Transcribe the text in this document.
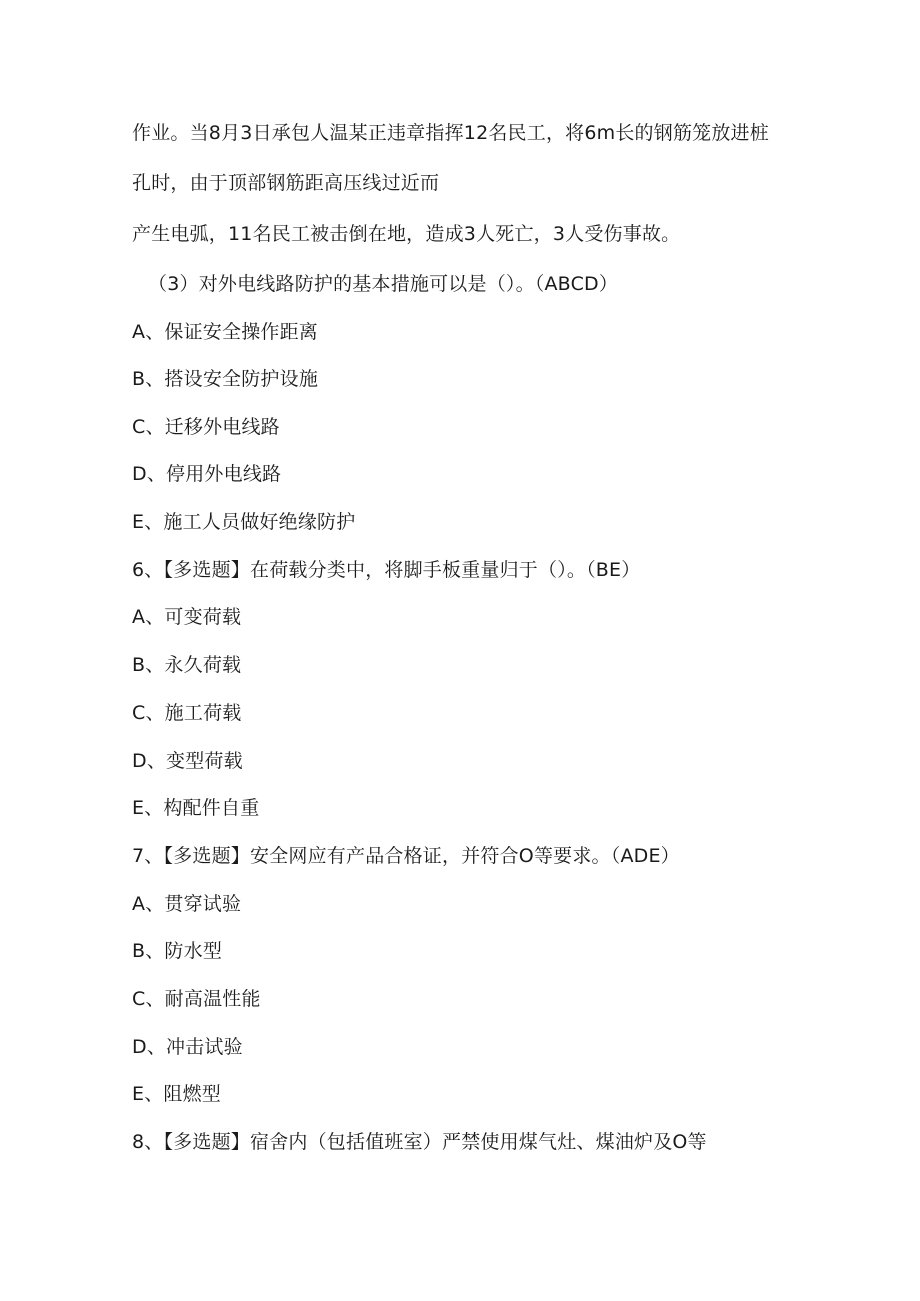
作业。当8月3日承包人温某正违章指挥12名民工，将6m长的钢筋笼放进桩
孔时，由于顶部钢筋距高压线过近而
产生电弧，11名民工被击倒在地，造成3人死亡，3人受伤事故。
（3）对外电线路防护的基本措施可以是（）。（ABCD）
A、保证安全操作距离
B、搭设安全防护设施
C、迁移外电线路
D、停用外电线路
E、施工人员做好绝缘防护
6、【多选题】在荷载分类中，将脚手板重量归于（）。（BE）
A、可变荷载
B、永久荷载
C、施工荷载
D、变型荷载
E、构配件自重
7、【多选题】安全网应有产品合格证，并符合O等要求。（ADE）
A、贯穿试验
B、防水型
C、耐高温性能
D、冲击试验
E、阻燃型
8、【多选题】宿舍内（包括值班室）严禁使用煤气灶、煤油炉及O等
